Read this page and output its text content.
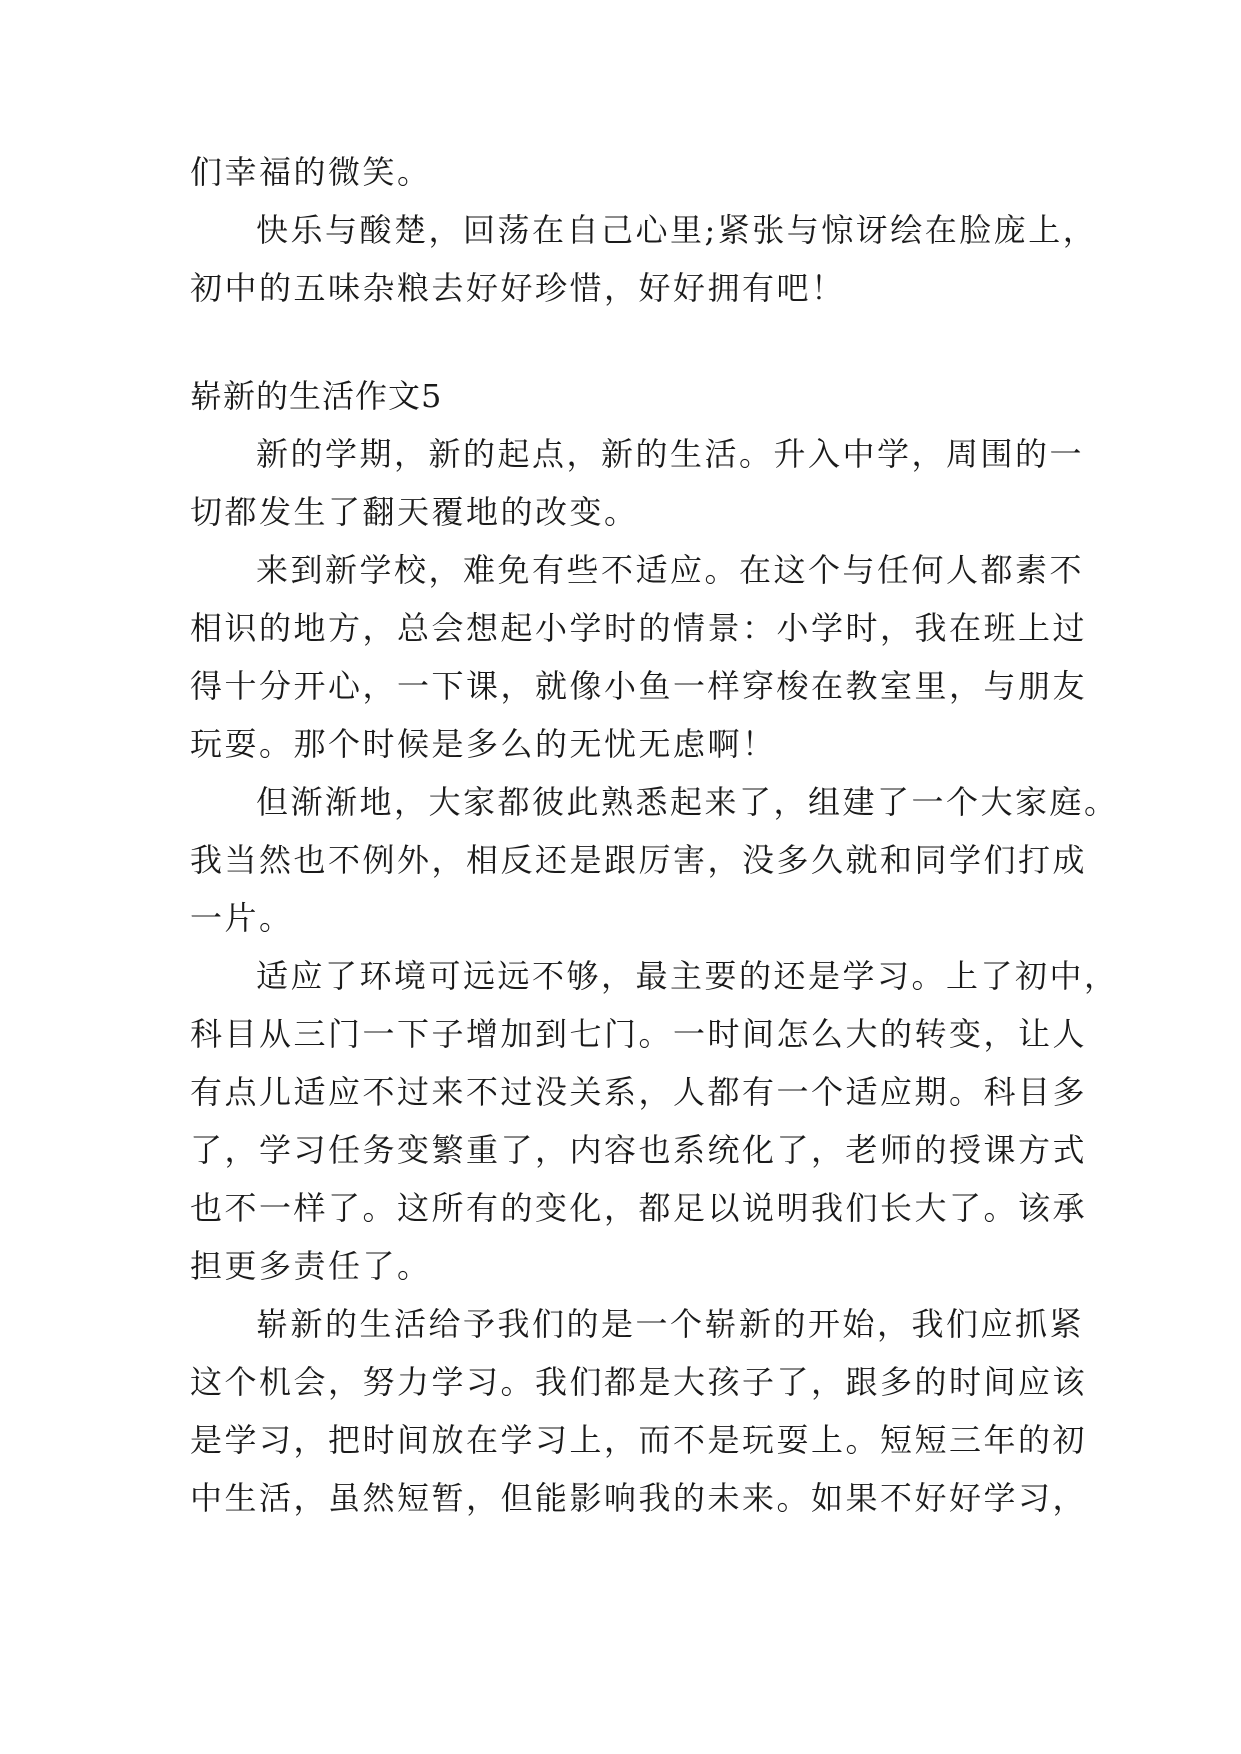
们幸福的微笑。
快乐与酸楚，回荡在自己心里;紧张与惊讶绘在脸庞上，
初中的五味杂粮去好好珍惜，好好拥有吧！
崭新的生活作文5
新的学期，新的起点，新的生活。升入中学，周围的一
切都发生了翻天覆地的改变。
来到新学校，难免有些不适应。在这个与任何人都素不
相识的地方，总会想起小学时的情景：小学时，我在班上过
得十分开心，一下课，就像小鱼一样穿梭在教室里，与朋友
玩耍。那个时候是多么的无忧无虑啊！
但渐渐地，大家都彼此熟悉起来了，组建了一个大家庭。
我当然也不例外，相反还是跟厉害，没多久就和同学们打成
一片。
适应了环境可远远不够，最主要的还是学习。上了初中，
科目从三门一下子增加到七门。一时间怎么大的转变，让人
有点儿适应不过来不过没关系，人都有一个适应期。科目多
了，学习任务变繁重了，内容也系统化了，老师的授课方式
也不一样了。这所有的变化，都足以说明我们长大了。该承
担更多责任了。
崭新的生活给予我们的是一个崭新的开始，我们应抓紧
这个机会，努力学习。我们都是大孩子了，跟多的时间应该
是学习，把时间放在学习上，而不是玩耍上。短短三年的初
中生活，虽然短暂，但能影响我的未来。如果不好好学习，
